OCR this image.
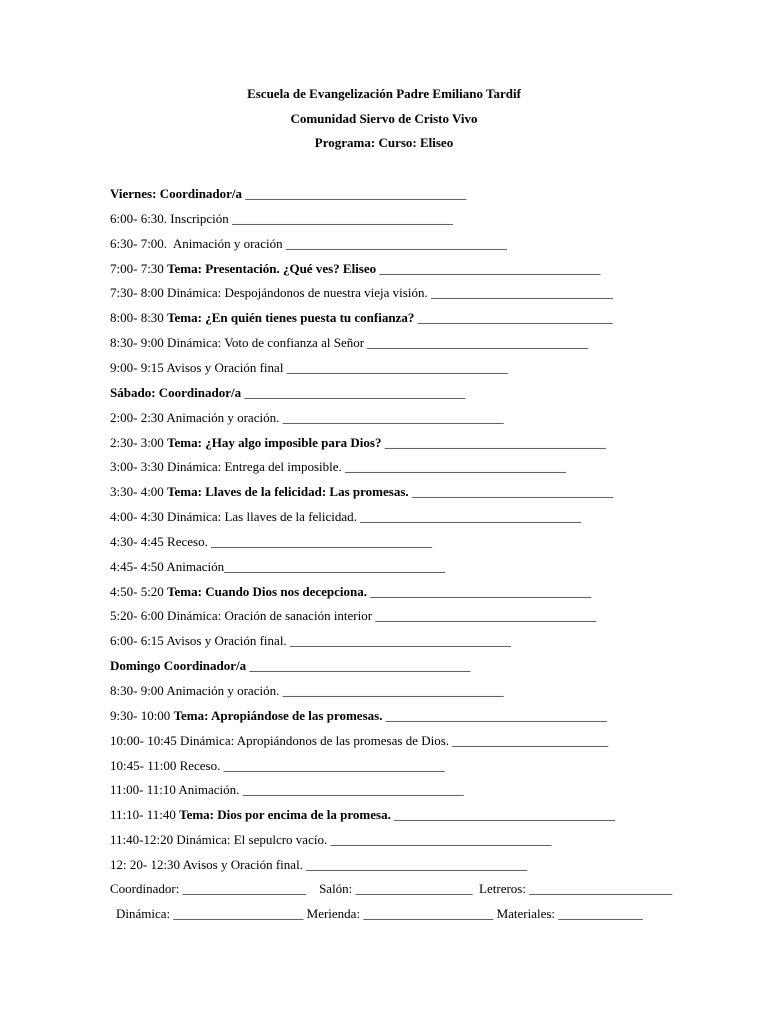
Escuela de Evangelización Padre Emiliano Tardif
Comunidad Siervo de Cristo Vivo
Programa: Curso: Eliseo
Viernes: Coordinador/a __________________________________
6:00- 6:30. Inscripción __________________________________
6:30- 7:00.  Animación y oración __________________________________
7:00- 7:30 Tema: Presentación. ¿Qué ves? Eliseo __________________________________
7:30- 8:00 Dinámica: Despojándonos de nuestra vieja visión. ____________________________
8:00- 8:30 Tema: ¿En quién tienes puesta tu confianza? ______________________________
8:30- 9:00 Dinámica: Voto de confianza al Señor __________________________________
9:00- 9:15 Avisos y Oración final __________________________________
Sábado: Coordinador/a __________________________________
2:00- 2:30 Animación y oración. __________________________________
2:30- 3:00 Tema: ¿Hay algo imposible para Dios? __________________________________
3:00- 3:30 Dinámica: Entrega del imposible. __________________________________
3:30- 4:00 Tema: Llaves de la felicidad: Las promesas. _______________________________
4:00- 4:30 Dinámica: Las llaves de la felicidad. __________________________________
4:30- 4:45 Receso. __________________________________
4:45- 4:50 Animación__________________________________
4:50- 5:20 Tema: Cuando Dios nos decepciona. __________________________________
5:20- 6:00 Dinámica: Oración de sanación interior __________________________________
6:00- 6:15 Avisos y Oración final. __________________________________
Domingo Coordinador/a __________________________________
8:30- 9:00 Animación y oración. __________________________________
9:30- 10:00 Tema: Apropiándose de las promesas. __________________________________
10:00- 10:45 Dinámica: Apropiándonos de las promesas de Dios. ________________________
10:45- 11:00 Receso. __________________________________
11:00- 11:10 Animación. __________________________________
11:10- 11:40 Tema: Dios por encima de la promesa. __________________________________
11:40-12:20 Dinámica: El sepulcro vacío. __________________________________
12: 20- 12:30 Avisos y Oración final. __________________________________
Coordinador: ___________________    Salón: __________________  Letreros: ______________________
Dinámica: ____________________ Merienda: ____________________ Materiales: _____________
